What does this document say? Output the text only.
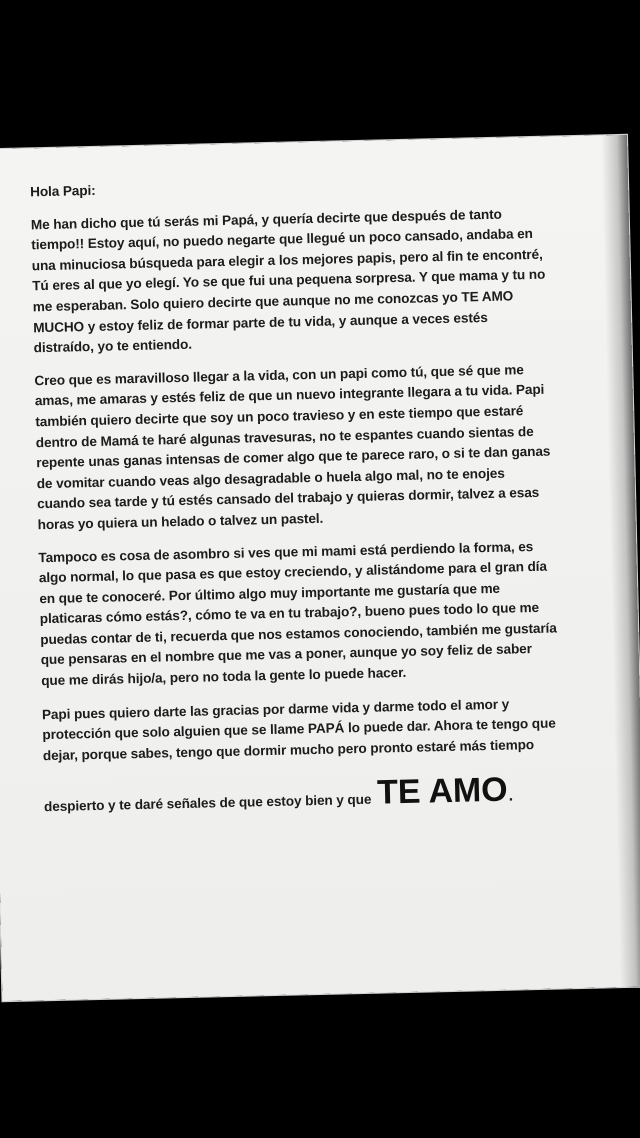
Hola Papi:
Me han dicho que tú serás mi Papá, y quería decirte que después de tanto
tiempo!! Estoy aquí, no puedo negarte que llegué un poco cansado, andaba en
una minuciosa búsqueda para elegir a los mejores papis, pero al fin te encontré,
Tú eres al que yo elegí. Yo se que fui una pequena sorpresa. Y que mama y tu no
me esperaban. Solo quiero decirte que aunque no me conozcas yo TE AMO
MUCHO y estoy feliz de formar parte de tu vida, y aunque a veces estés
distraído, yo te entiendo.
Creo que es maravilloso llegar a la vida, con un papi como tú, que sé que me
amas, me amaras y estés feliz de que un nuevo integrante llegara a tu vida. Papi
también quiero decirte que soy un poco travieso y en este tiempo que estaré
dentro de Mamá te haré algunas travesuras, no te espantes cuando sientas de
repente unas ganas intensas de comer algo que te parece raro, o si te dan ganas
de vomitar cuando veas algo desagradable o huela algo mal, no te enojes
cuando sea tarde y tú estés cansado del trabajo y quieras dormir, talvez a esas
horas yo quiera un helado o talvez un pastel.
Tampoco es cosa de asombro si ves que mi mami está perdiendo la forma, es
algo normal, lo que pasa es que estoy creciendo, y alistándome para el gran día
en que te conoceré. Por último algo muy importante me gustaría que me
platicaras cómo estás?, cómo te va en tu trabajo?, bueno pues todo lo que me
puedas contar de ti, recuerda que nos estamos conociendo, también me gustaría
que pensaras en el nombre que me vas a poner, aunque yo soy feliz de saber
que me dirás hijo/a, pero no toda la gente lo puede hacer.
Papi pues quiero darte las gracias por darme vida y darme todo el amor y
protección que solo alguien que se llame PAPÁ lo puede dar. Ahora te tengo que
dejar, porque sabes, tengo que dormir mucho pero pronto estaré más tiempo
despierto y te daré señales de que estoy bien y que TE AMO .
